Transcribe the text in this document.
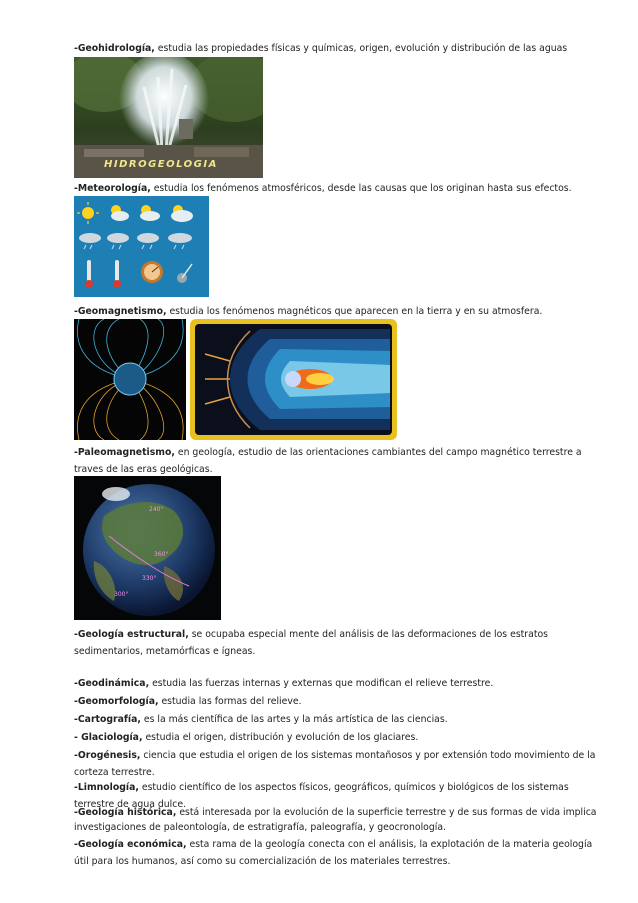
-Geohidrología, estudia las propiedades físicas y químicas, origen, evolución y distribución de las aguas
HIDROGEOLOGIA
-Meteorología, estudia los fenómenos atmosféricos, desde las causas que los originan hasta sus efectos.
-Geomagnetismo, estudia los fenómenos magnéticos que aparecen en la tierra y en su atmosfera.
-Paleomagnetismo, en geología, estudio de las orientaciones cambiantes del campo magnético terrestre a traves de las eras geológicas.
240°
360°
330°
300°
-Geología estructural, se ocupaba especial mente del análisis de las deformaciones de los estratos sedimentarios, metamórficas e ígneas.
-Geodinámica, estudia las fuerzas internas y externas que modifican el relieve terrestre.
-Geomorfología, estudia las formas del relieve.
-Cartografía, es la más científica de las artes y la más artística de las ciencias.
- Glaciología, estudia el origen, distribución y evolución de los glaciares.
-Orogénesis, ciencia que estudia el origen de los sistemas montañosos y por extensión todo movimiento de la corteza terrestre.
-Limnología, estudio científico de los aspectos físicos, geográficos, químicos y biológicos de los sistemas terrestre de agua dulce.
-Geología histórica, está interesada por la evolución de la superficie terrestre y de sus formas de vida implica investigaciones de paleontología, de estratigrafía, paleografía, y geocronología.
-Geología económica, esta rama de la geología conecta con el análisis, la explotación de la materia geología útil para los humanos, así como su comercialización de los materiales terrestres.
